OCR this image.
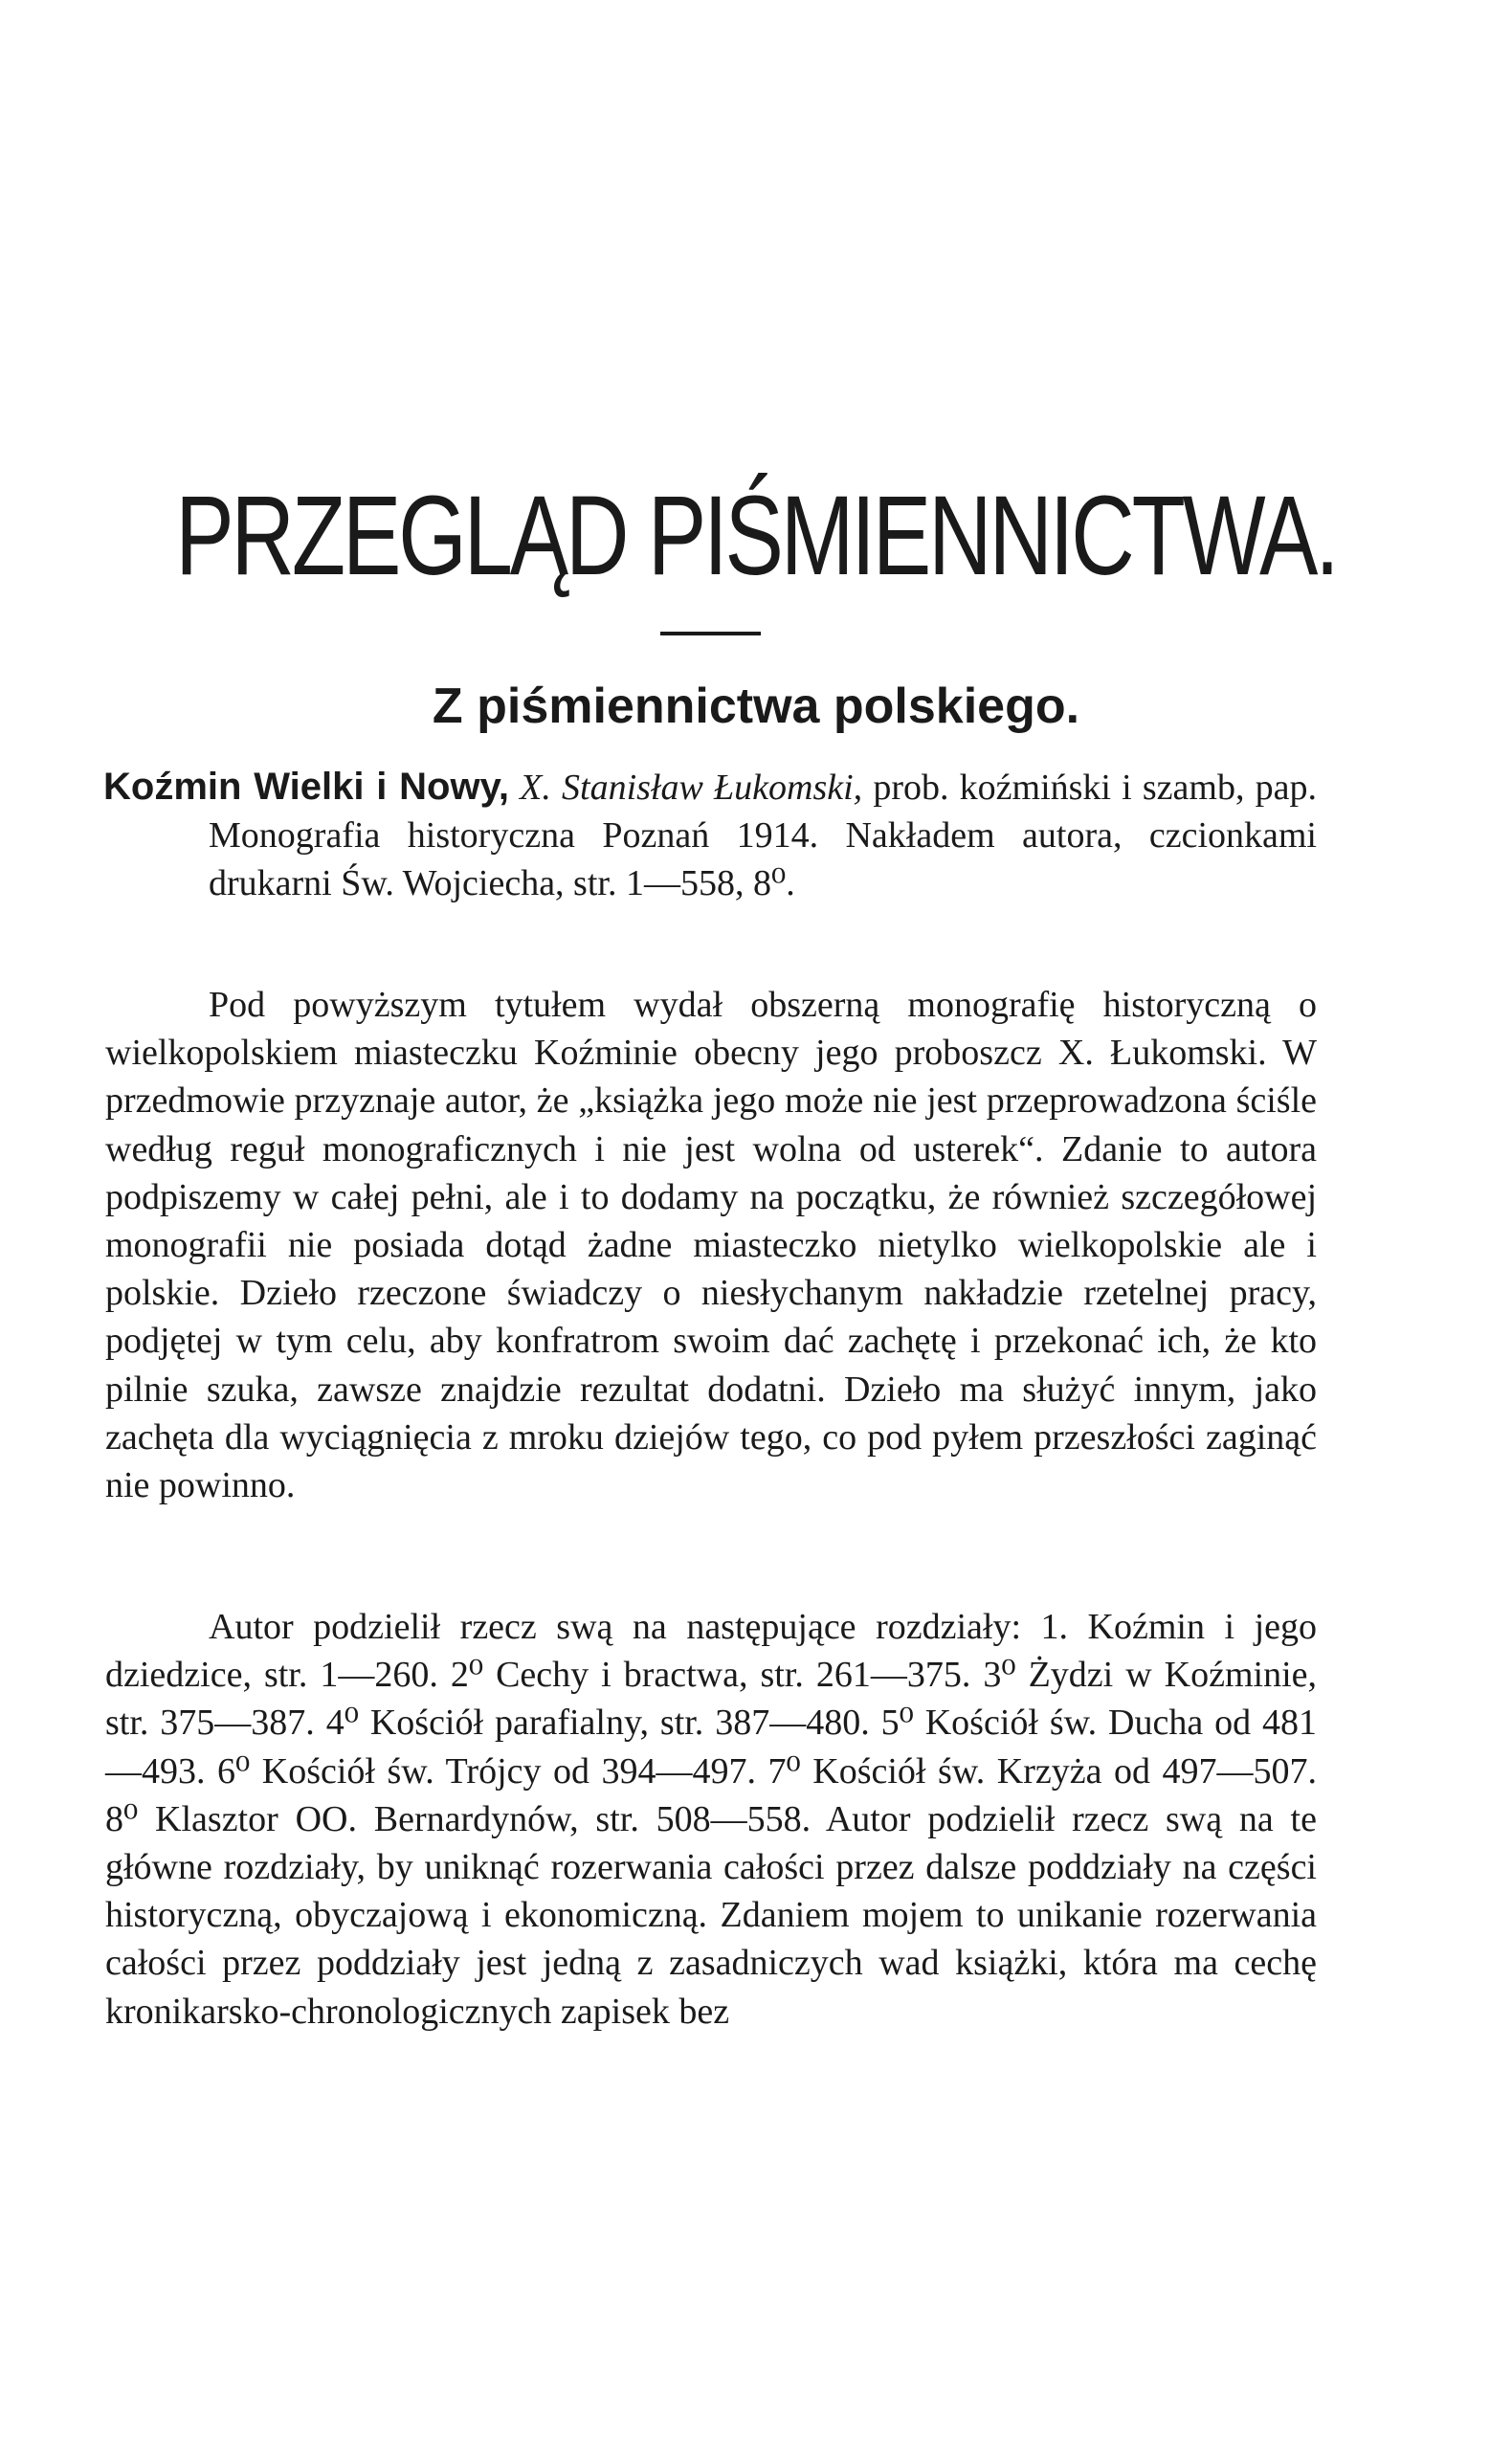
PRZEGLĄD PIŚMIENNICTWA.
Z piśmiennictwa polskiego.

Koźmin Wielki i Nowy, X. Stanisław Łukomski, prob. koźmiński i szamb, pap. Monografia historyczna Poznań 1914. Nakładem autora, czcionkami drukarni Św. Wojciecha, str. 1—558, 8⁰.

Pod powyższym tytułem wydał obszerną monografię historyczną o wielkopolskiem miasteczku Koźminie obecny jego proboszcz X. Łukomski. W przedmowie przyznaje autor, że „książka jego może nie jest przeprowadzona ściśle według reguł monograficznych i nie jest wolna od usterek“. Zdanie to autora podpiszemy w całej pełni, ale i to dodamy na początku, że również szczegółowej monografii nie posiada dotąd żadne miasteczko nietylko wielkopolskie ale i polskie. Dzieło rzeczone świadczy o niesłychanym nakładzie rzetelnej pracy, podjętej w tym celu, aby konfratrom swoim dać zachętę i przekonać ich, że kto pilnie szuka, zawsze znajdzie rezultat dodatni. Dzieło ma służyć innym, jako zachęta dla wyciągnięcia z mroku dziejów tego, co pod pyłem przeszłości zaginąć nie powinno.

Autor podzielił rzecz swą na następujące rozdziały: 1. Koźmin i jego dziedzice, str. 1—260. 2⁰ Cechy i bractwa, str. 261—375. 3⁰ Żydzi w Koźminie, str. 375—387. 4⁰ Kościół parafialny, str. 387—480. 5⁰ Kościół św. Ducha od 481—493. 6⁰ Kościół św. Trójcy od 394—497. 7⁰ Kościół św. Krzyża od 497—507. 8⁰ Klasztor OO. Bernardynów, str. 508—558. Autor podzielił rzecz swą na te główne rozdziały, by uniknąć rozerwania całości przez dalsze poddziały na części historyczną, obyczajową i ekonomiczną. Zdaniem mojem to unikanie rozerwania całości przez poddziały jest jedną z zasadniczych wad książki, która ma cechę kronikarsko-chronologicznych zapisek bez
